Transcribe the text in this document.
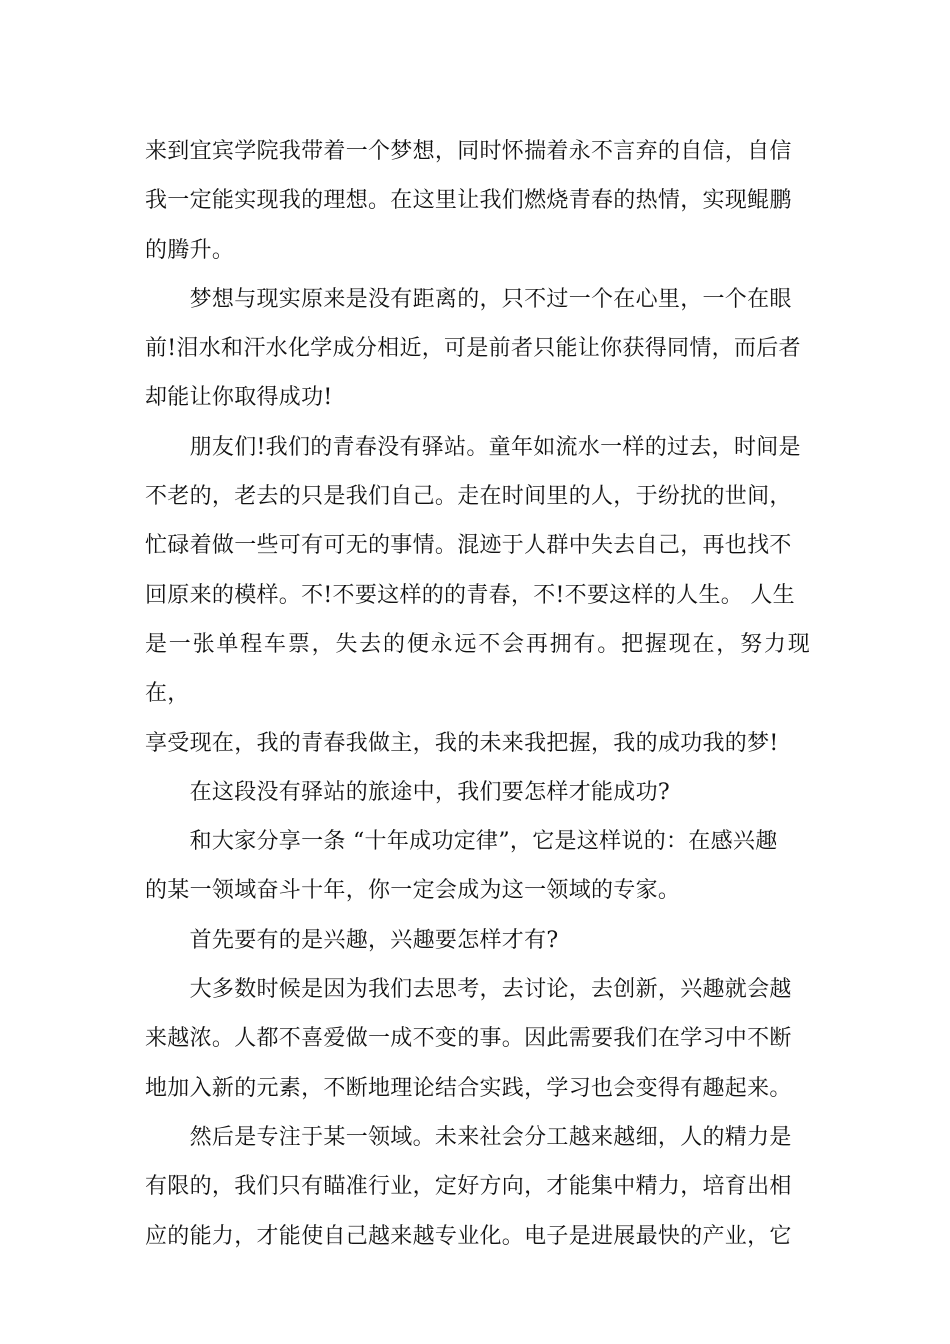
来到宜宾学院我带着一个梦想，同时怀揣着永不言弃的自信，自信
我一定能实现我的理想。在这里让我们燃烧青春的热情，实现鲲鹏
的腾升。

　　梦想与现实原来是没有距离的，只不过一个在心里，一个在眼
前!泪水和汗水化学成分相近，可是前者只能让你获得同情，而后者
却能让你取得成功!

　　朋友们!我们的青春没有驿站。童年如流水一样的过去，时间是
不老的，老去的只是我们自己。走在时间里的人，于纷扰的世间，
忙碌着做一些可有可无的事情。混迹于人群中失去自己，再也找不
回原来的模样。不!不要这样的的青春，不!不要这样的人生。 人生
是一张单程车票，失去的便永远不会再拥有。把握现在，努力现在，
享受现在，我的青春我做主，我的未来我把握，我的成功我的梦!

　　在这段没有驿站的旅途中，我们要怎样才能成功?

　　和大家分享一条 “十年成功定律”，它是这样说的：在感兴趣
的某一领域奋斗十年，你一定会成为这一领域的专家。

　　首先要有的是兴趣，兴趣要怎样才有?

　　大多数时候是因为我们去思考，去讨论，去创新，兴趣就会越
来越浓。人都不喜爱做一成不变的事。因此需要我们在学习中不断
地加入新的元素，不断地理论结合实践，学习也会变得有趣起来。

　　然后是专注于某一领域。未来社会分工越来越细，人的精力是
有限的，我们只有瞄准行业，定好方向，才能集中精力，培育出相
应的能力，才能使自己越来越专业化。电子是进展最快的产业，它
